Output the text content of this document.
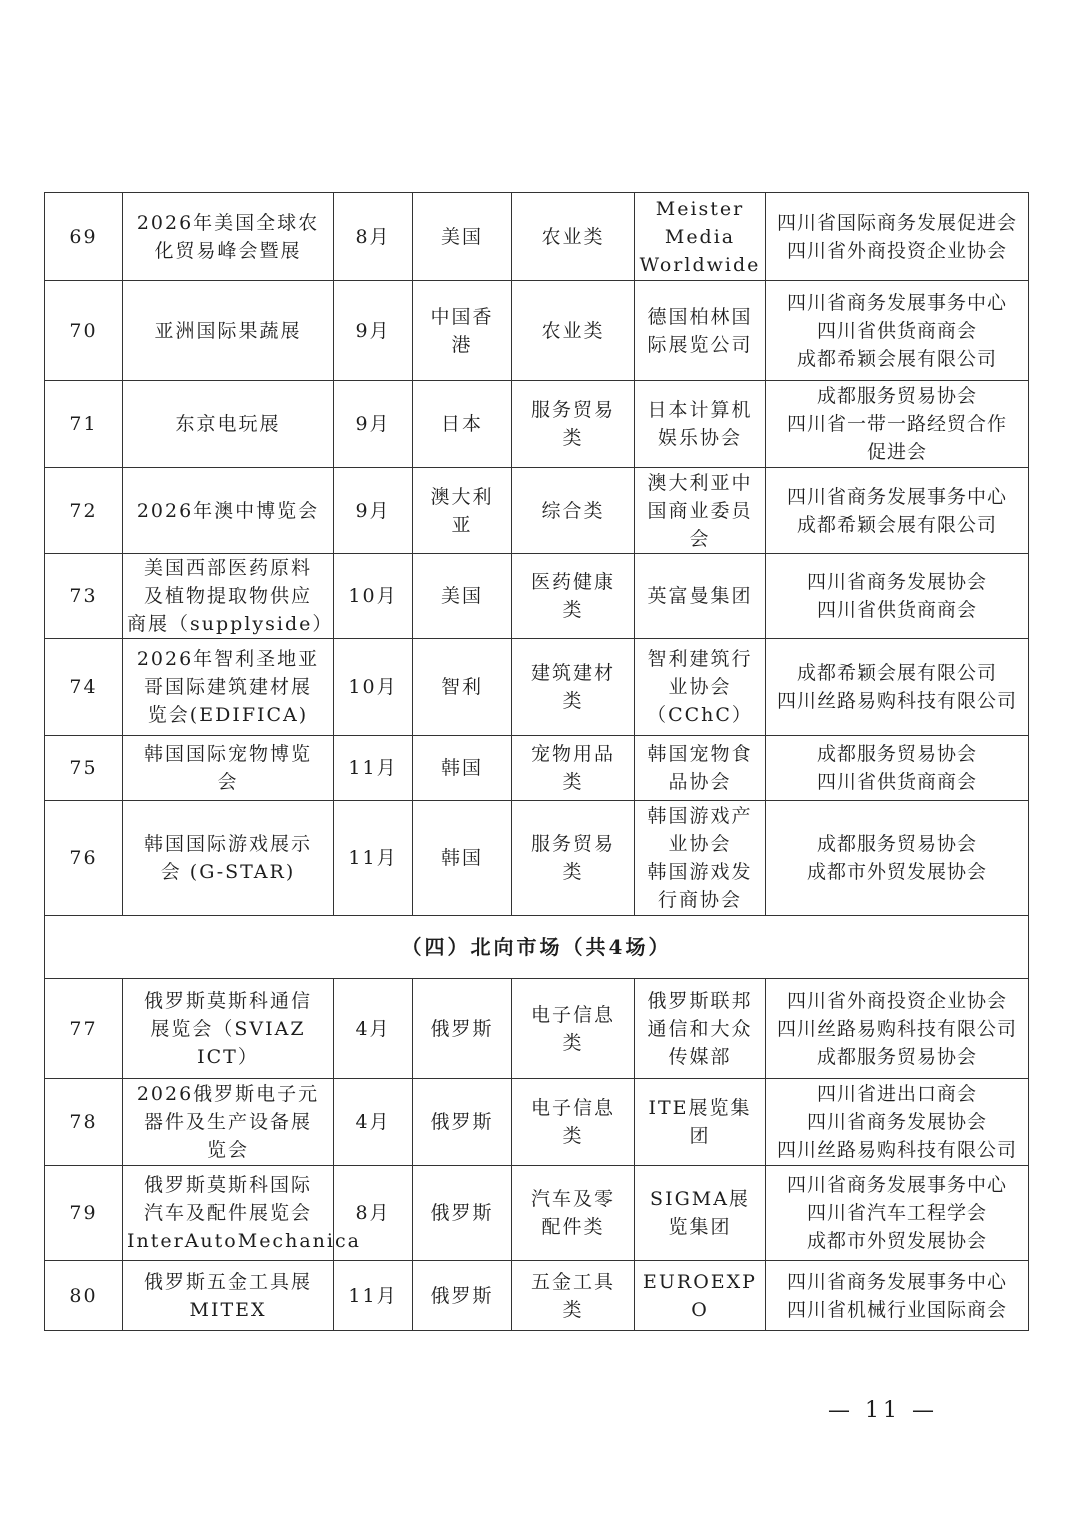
69	2026年美国全球农
化贸易峰会暨展	8月	美国	农业类	Meister
Media
Worldwide	四川省国际商务发展促进会
四川省外商投资企业协会
70	亚洲国际果蔬展	9月	中国香
港	农业类	德国柏林国
际展览公司	四川省商务发展事务中心
四川省供货商商会
成都希颖会展有限公司
71	东京电玩展	9月	日本	服务贸易
类	日本计算机
娱乐协会	成都服务贸易协会
四川省一带一路经贸合作
促进会
72	2026年澳中博览会	9月	澳大利
亚	综合类	澳大利亚中
国商业委员
会	四川省商务发展事务中心
成都希颖会展有限公司
73	美国西部医药原料
及植物提取物供应
商展（supplyside）	10月	美国	医药健康
类	英富曼集团	四川省商务发展协会
四川省供货商商会
74	2026年智利圣地亚
哥国际建筑建材展
览会(EDIFICA)	10月	智利	建筑建材
类	智利建筑行
业协会
（CChC）	成都希颖会展有限公司
四川丝路易购科技有限公司
75	韩国国际宠物博览
会	11月	韩国	宠物用品
类	韩国宠物食
品协会	成都服务贸易协会
四川省供货商商会
76	韩国国际游戏展示
会 (G-STAR)	11月	韩国	服务贸易
类	韩国游戏产
业协会
韩国游戏发
行商协会	成都服务贸易协会
成都市外贸发展协会
（四）北向市场（共4场）						
77	俄罗斯莫斯科通信
展览会（SVIAZ ICT）	4月	俄罗斯	电子信息
类	俄罗斯联邦
通信和大众
传媒部	四川省外商投资企业协会
四川丝路易购科技有限公司
成都服务贸易协会
78	2026俄罗斯电子元
器件及生产设备展
览会	4月	俄罗斯	电子信息
类	ITE展览集
团	四川省进出口商会
四川省商务发展协会
四川丝路易购科技有限公司
79	俄罗斯莫斯科国际
汽车及配件展览会
InterAutoMechanica	8月	俄罗斯	汽车及零
配件类	SIGMA展
览集团	四川省商务发展事务中心
四川省汽车工程学会
成都市外贸发展协会
80	俄罗斯五金工具展
MITEX	11月	俄罗斯	五金工具
类	EUROEXP
O	四川省商务发展事务中心
四川省机械行业国际商会
— 11 —
